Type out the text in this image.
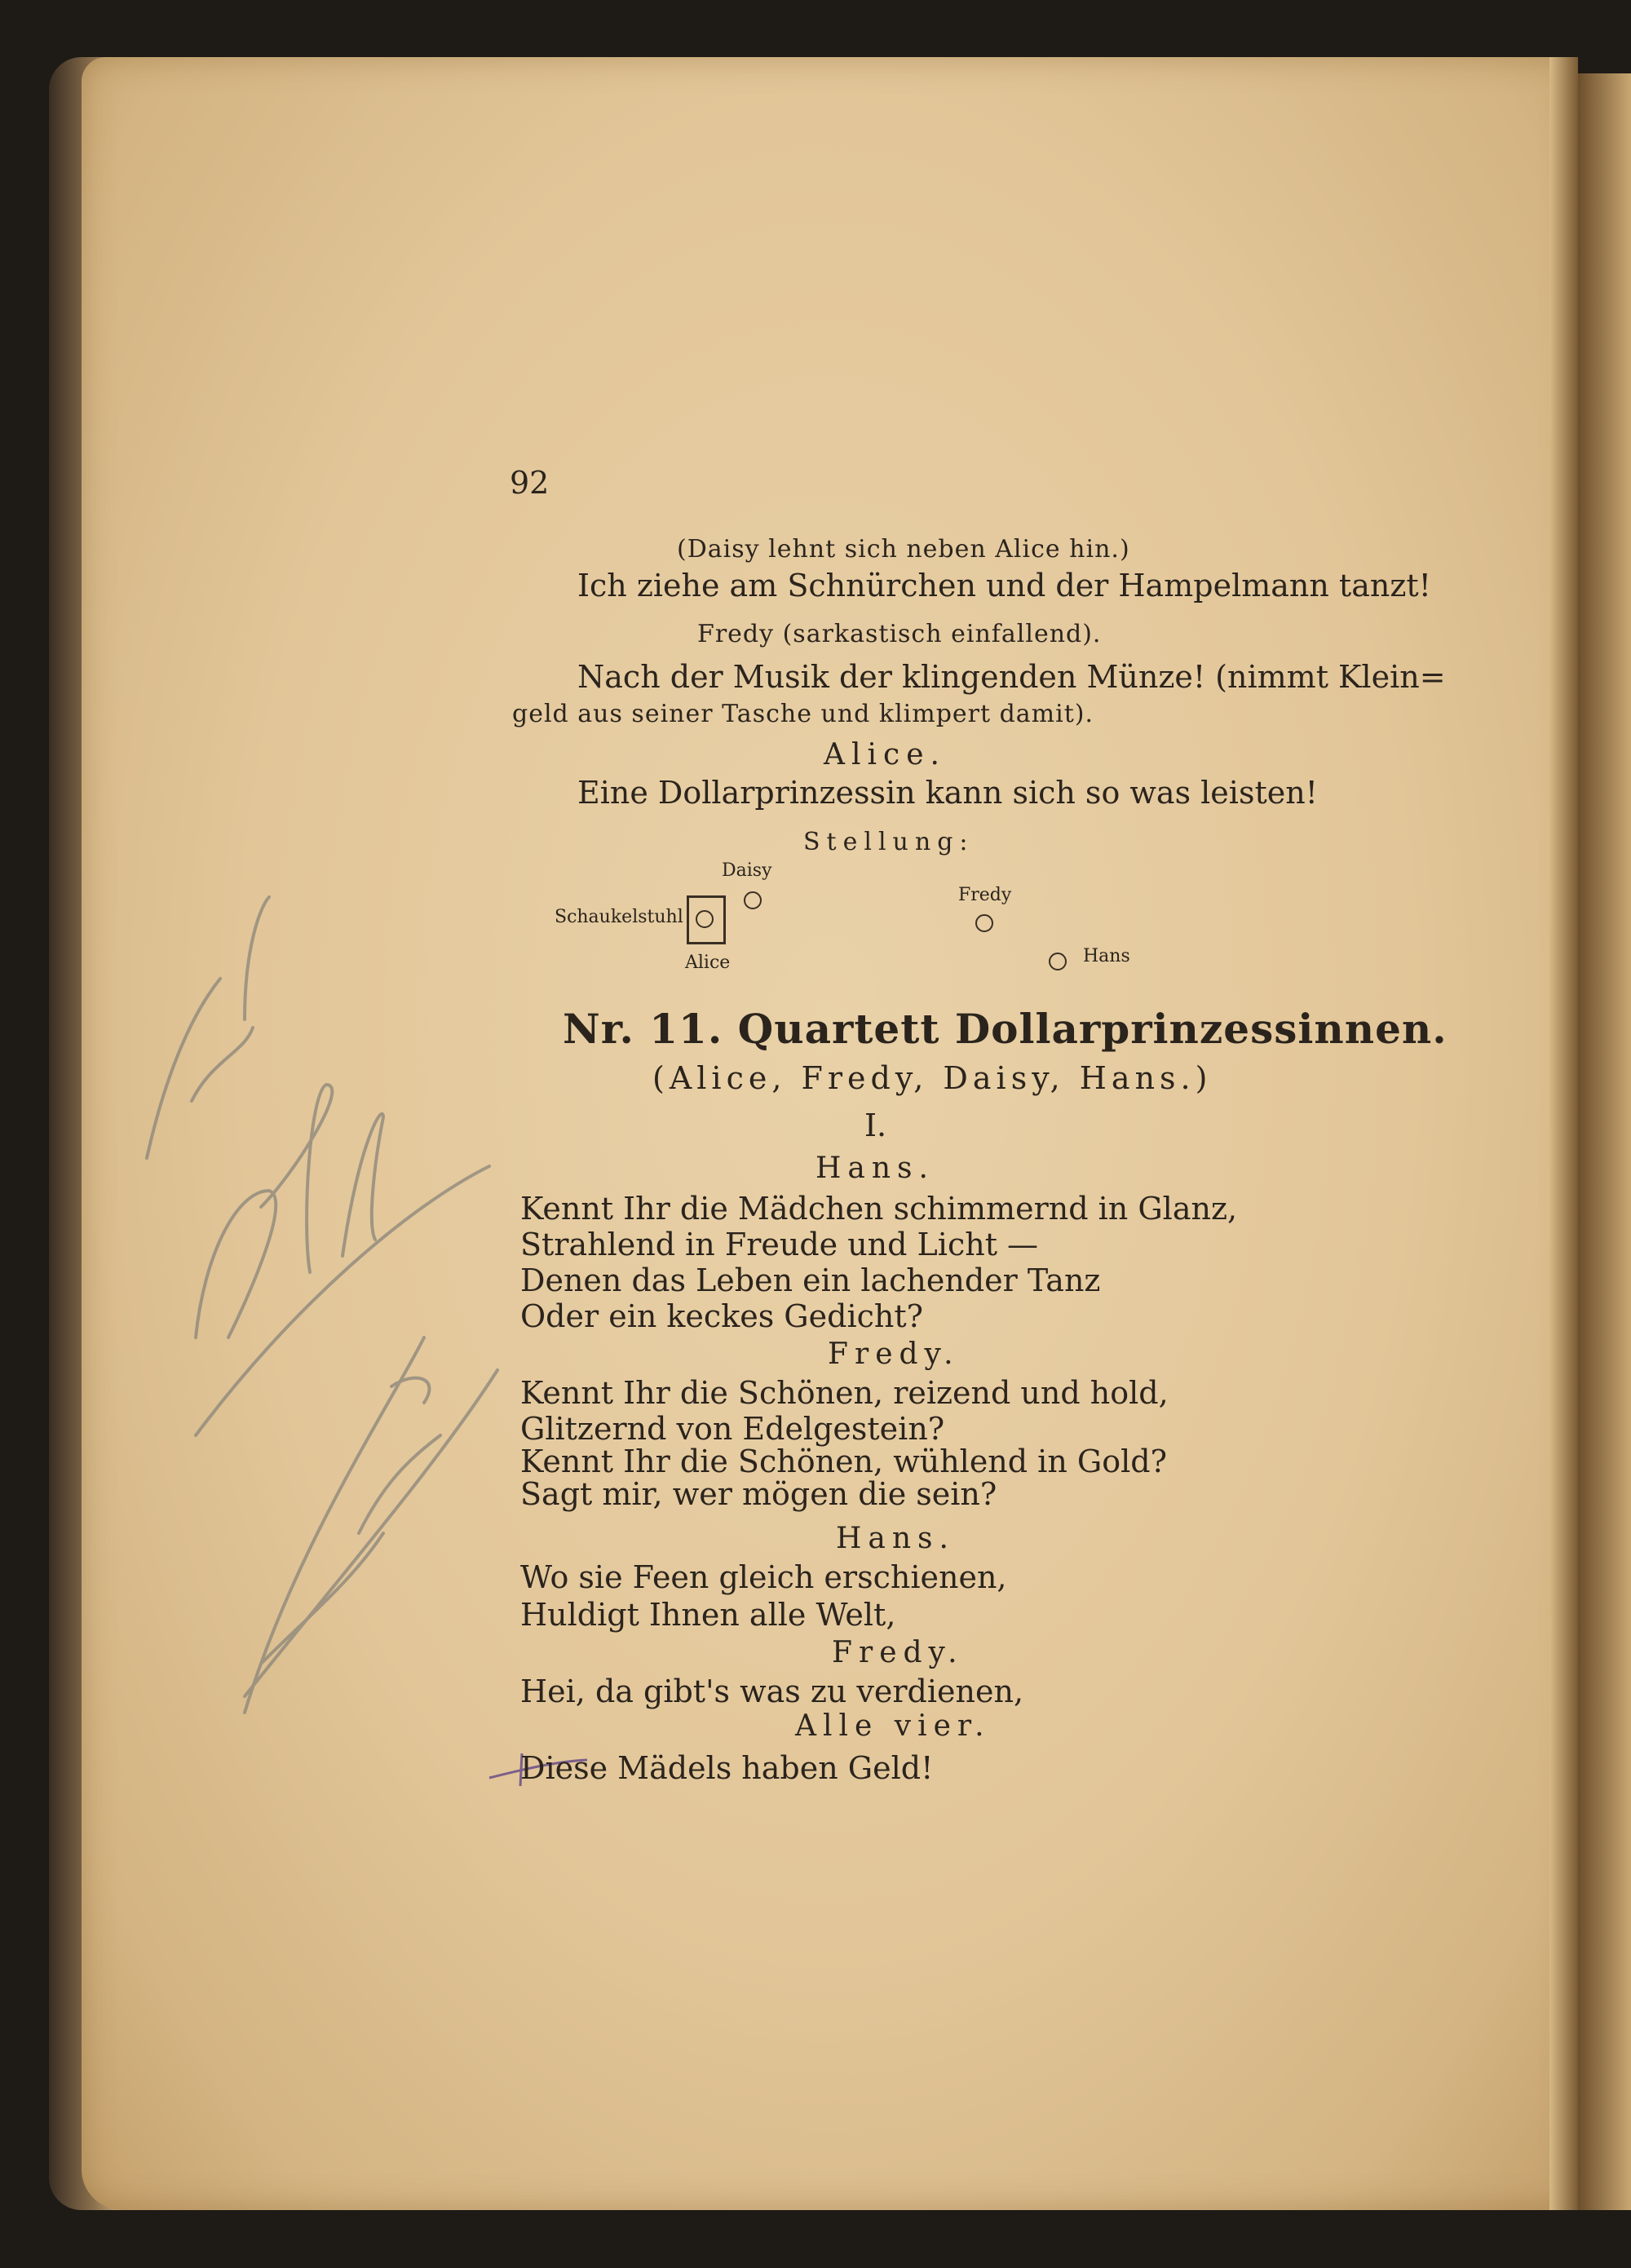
92
(Daisy lehnt sich neben Alice hin.)
Ich ziehe am Schnürchen und der Hampelmann tanzt!
Fredy (sarkastisch einfallend).
Nach der Musik der klingenden Münze! (nimmt Klein=
geld aus seiner Tasche und klimpert damit).
Alice.
Eine Dollarprinzessin kann sich so was leisten!
Stellung:
Daisy
Fredy
Schaukelstuhl
Alice	Hans
Nr. 11. Quartett Dollarprinzessinnen.
(Alice, Fredy, Daisy, Hans.)
I.
Hans.
Kennt Ihr die Mädchen schimmernd in Glanz,
Strahlend in Freude und Licht —
Denen das Leben ein lachender Tanz
Oder ein keckes Gedicht?
Fredy.
Kennt Ihr die Schönen, reizend und hold,
Glitzernd von Edelgestein?
Kennt Ihr die Schönen, wühlend in Gold?
Sagt mir, wer mögen die sein?
Hans.
Wo sie Feen gleich erschienen,
Huldigt Ihnen alle Welt,
Fredy.
Hei, da gibt's was zu verdienen,
Alle vier.
Diese Mädels haben Geld!
